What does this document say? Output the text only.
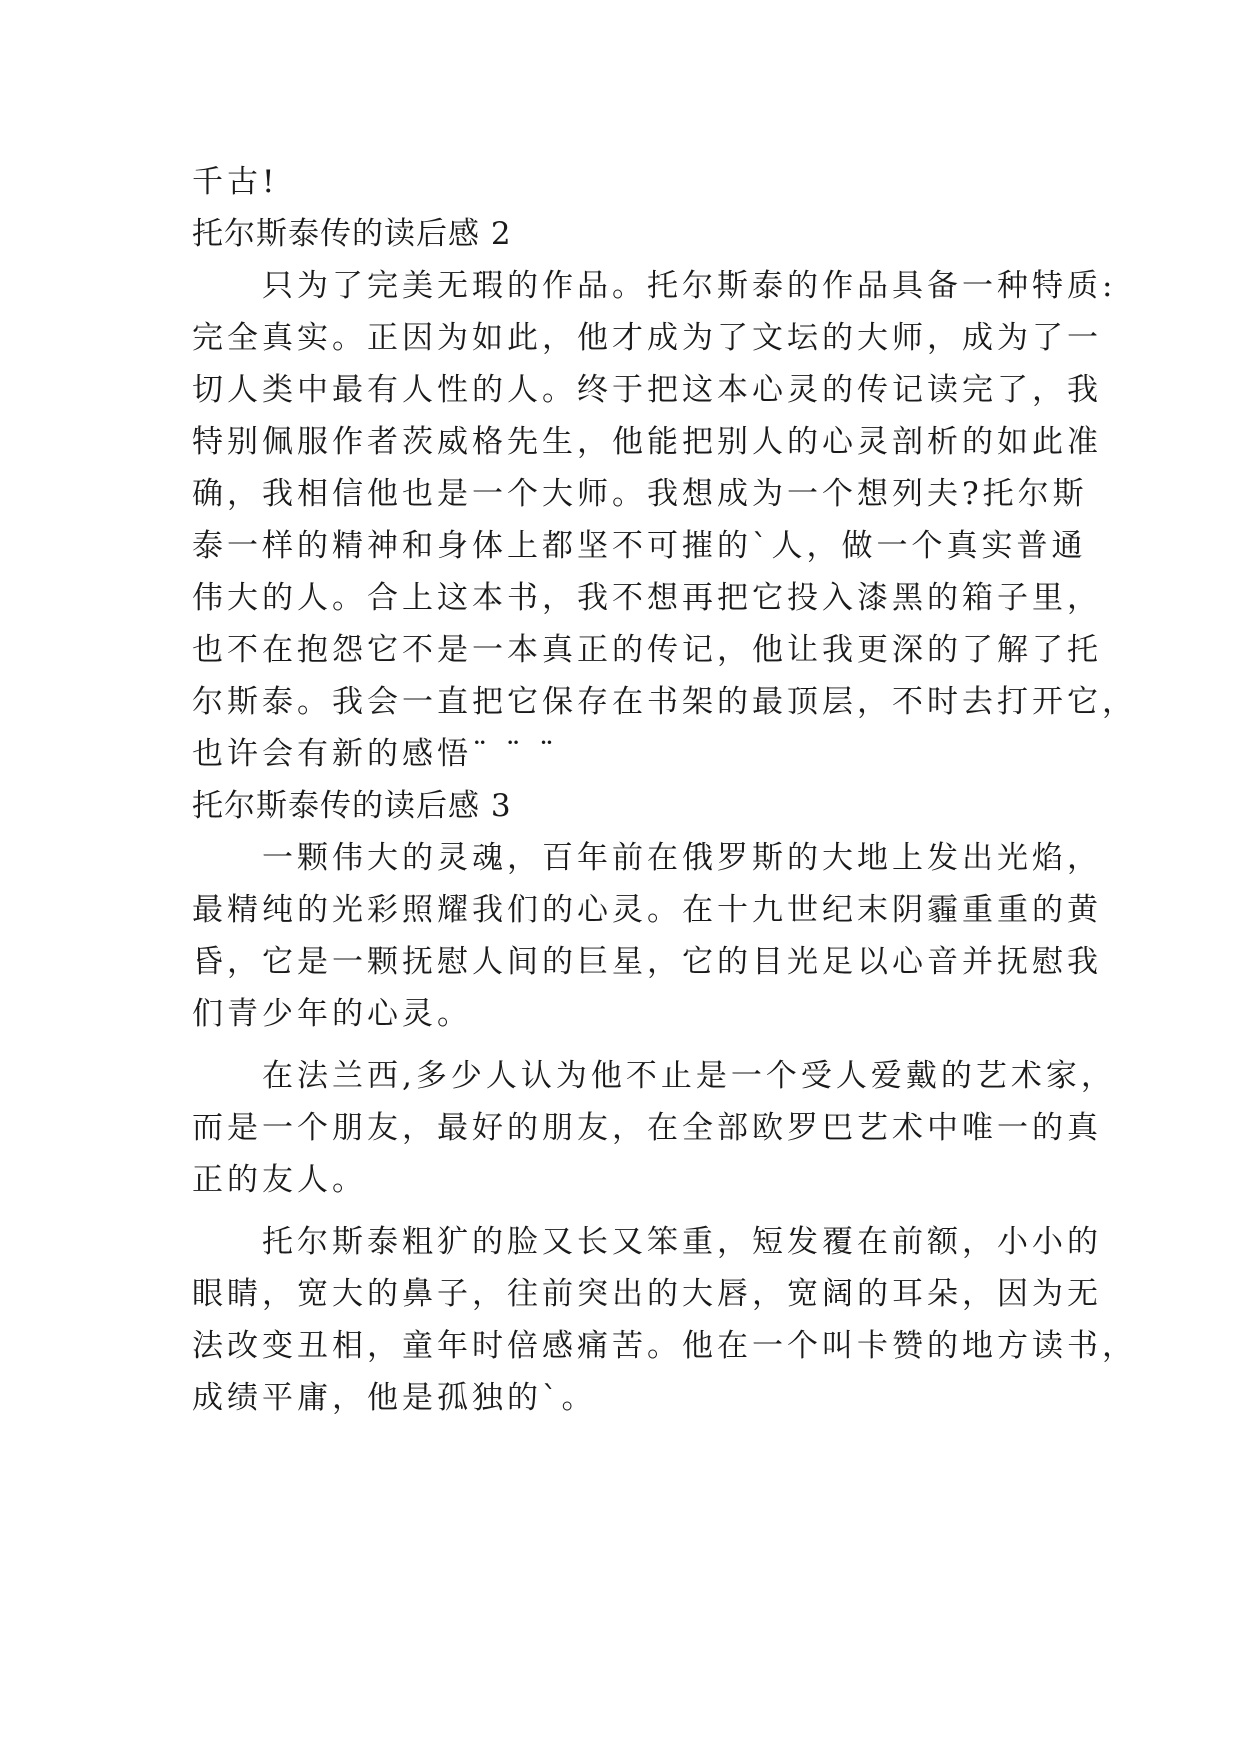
千古!
托尔斯泰传的读后感 2
只为了完美无瑕的作品。托尔斯泰的作品具备一种特质:
完全真实。正因为如此，他才成为了文坛的大师，成为了一
切人类中最有人性的人。终于把这本心灵的传记读完了，我
特别佩服作者茨威格先生，他能把别人的心灵剖析的如此准
确，我相信他也是一个大师。我想成为一个想列夫?托尔斯
泰一样的精神和身体上都坚不可摧的`人，做一个真实普通
伟大的人。合上这本书，我不想再把它投入漆黑的箱子里，
也不在抱怨它不是一本真正的传记，他让我更深的了解了托
尔斯泰。我会一直把它保存在书架的最顶层，不时去打开它，
也许会有新的感悟¨ ¨ ¨
托尔斯泰传的读后感 3
一颗伟大的灵魂，百年前在俄罗斯的大地上发出光焰，
最精纯的光彩照耀我们的心灵。在十九世纪末阴霾重重的黄
昏，它是一颗抚慰人间的巨星，它的目光足以心音并抚慰我
们青少年的心灵。
在法兰西,多少人认为他不止是一个受人爱戴的艺术家，
而是一个朋友，最好的朋友，在全部欧罗巴艺术中唯一的真
正的友人。
托尔斯泰粗犷的脸又长又笨重，短发覆在前额，小小的
眼睛，宽大的鼻子，往前突出的大唇，宽阔的耳朵，因为无
法改变丑相，童年时倍感痛苦。他在一个叫卡赞的地方读书，
成绩平庸，他是孤独的`。
